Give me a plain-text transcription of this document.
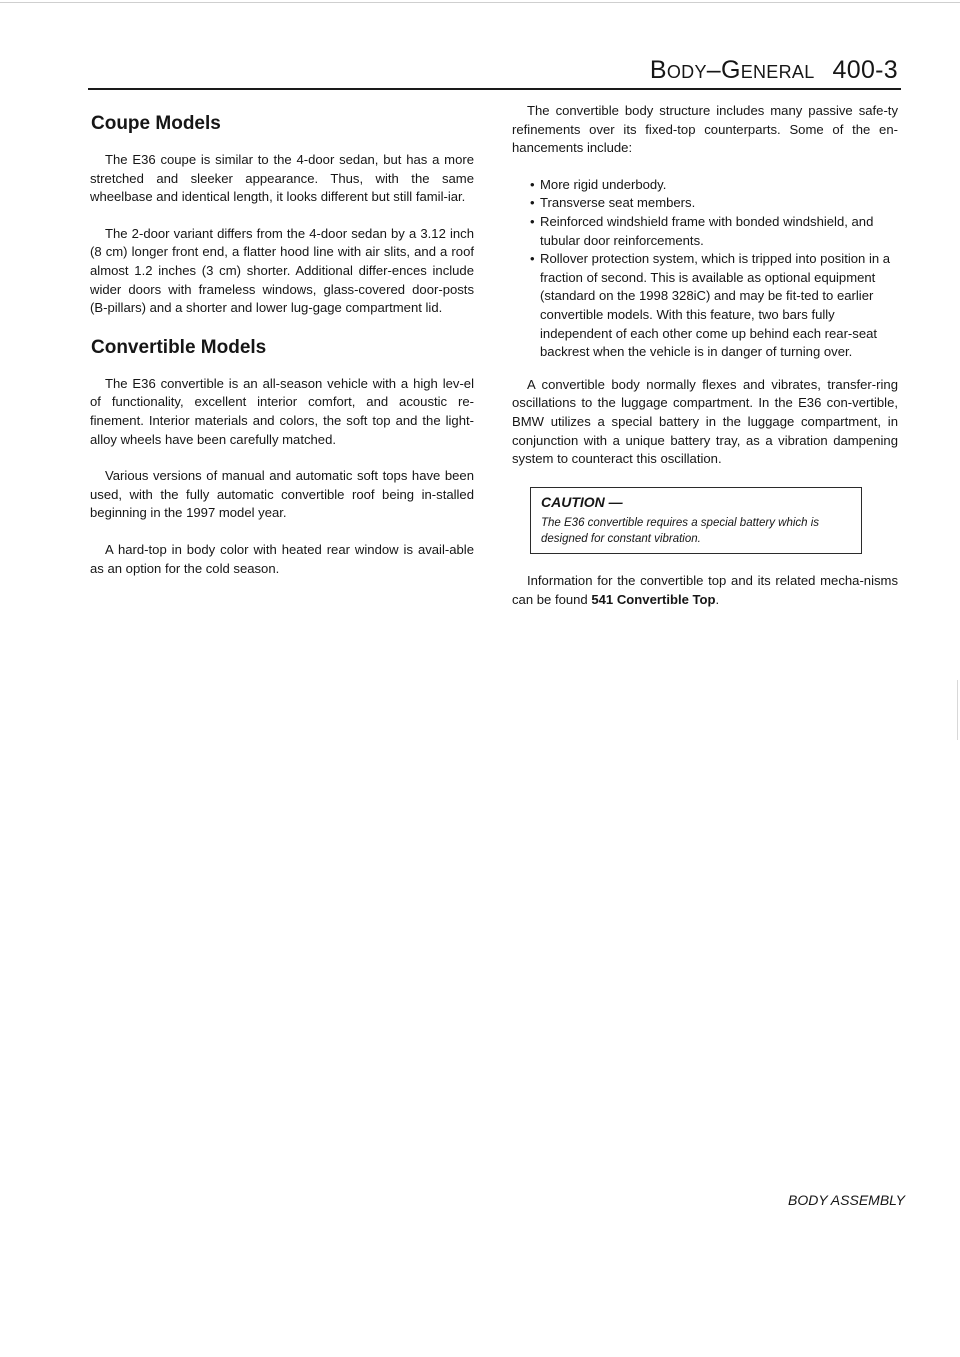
Body–General 400-3
Coupe Models

The E36 coupe is similar to the 4-door sedan, but has a more stretched and sleeker appearance. Thus, with the same wheelbase and identical length, it looks different but still famil-iar.

The 2-door variant differs from the 4-door sedan by a 3.12 inch (8 cm) longer front end, a flatter hood line with air slits, and a roof almost 1.2 inches (3 cm) shorter. Additional differ-ences include wider doors with frameless windows, glass-covered door-posts (B-pillars) and a shorter and lower lug-gage compartment lid.

Convertible Models

The E36 convertible is an all-season vehicle with a high lev-el of functionality, excellent interior comfort, and acoustic re-finement. Interior materials and colors, the soft top and the light-alloy wheels have been carefully matched.

Various versions of manual and automatic soft tops have been used, with the fully automatic convertible roof being in-stalled beginning in the 1997 model year.

A hard-top in body color with heated rear window is avail-able as an option for the cold season.

The convertible body structure includes many passive safe-ty refinements over its fixed-top counterparts. Some of the en-hancements include:

• More rigid underbody.
• Transverse seat members.
• Reinforced windshield frame with bonded windshield, and tubular door reinforcements.
• Rollover protection system, which is tripped into position in a fraction of second. This is available as optional equipment (standard on the 1998 328iC) and may be fit-ted to earlier convertible models. With this feature, two bars fully independent of each other come up behind each rear-seat backrest when the vehicle is in danger of turning over.

A convertible body normally flexes and vibrates, transfer-ring oscillations to the luggage compartment. In the E36 con-vertible, BMW utilizes a special battery in the luggage compartment, in conjunction with a unique battery tray, as a vibration dampening system to counteract this oscillation.

CAUTION —
The E36 convertible requires a special battery which is designed for constant vibration.

Information for the convertible top and its related mecha-nisms can be found 541 Convertible Top.

BODY ASSEMBLY
